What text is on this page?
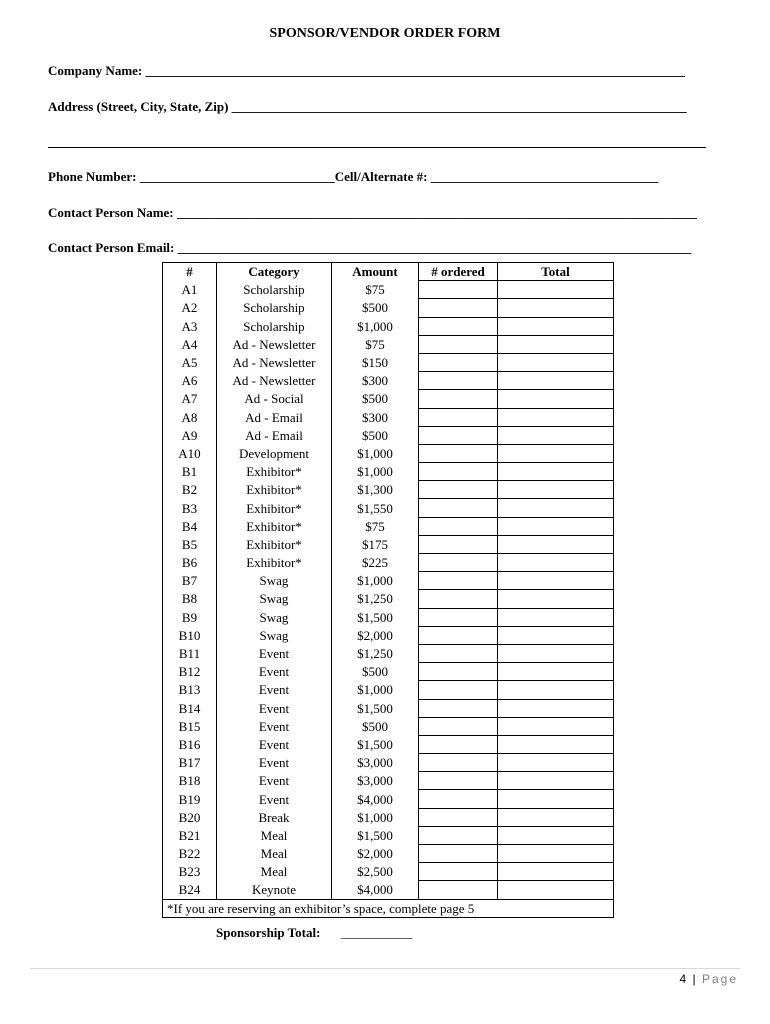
SPONSOR/VENDOR ORDER FORM
Company Name: ___________________________________________________________________________________
Address (Street, City, State, Zip) ______________________________________________________________________
Phone Number: ______________________________Cell/Alternate #: ___________________________________
Contact Person Name: ________________________________________________________________________________
Contact Person Email: _______________________________________________________________________________
#	Category	Amount	# ordered	Total
A1	Scholarship	$75		
A2	Scholarship	$500		
A3	Scholarship	$1,000		
A4	Ad - Newsletter	$75		
A5	Ad - Newsletter	$150		
A6	Ad - Newsletter	$300		
A7	Ad - Social	$500		
A8	Ad - Email	$300		
A9	Ad - Email	$500		
A10	Development	$1,000		
B1	Exhibitor*	$1,000		
B2	Exhibitor*	$1,300		
B3	Exhibitor*	$1,550		
B4	Exhibitor*	$75		
B5	Exhibitor*	$175		
B6	Exhibitor*	$225		
B7	Swag	$1,000		
B8	Swag	$1,250		
B9	Swag	$1,500		
B10	Swag	$2,000		
B11	Event	$1,250		
B12	Event	$500		
B13	Event	$1,000		
B14	Event	$1,500		
B15	Event	$500		
B16	Event	$1,500		
B17	Event	$3,000		
B18	Event	$3,000		
B19	Event	$4,000		
B20	Break	$1,000		
B21	Meal	$1,500		
B22	Meal	$2,000		
B23	Meal	$2,500		
B24	Keynote	$4,000		
*If you are reserving an exhibitor’s space, complete page 5				
Sponsorship Total: ___________
4 | Page
